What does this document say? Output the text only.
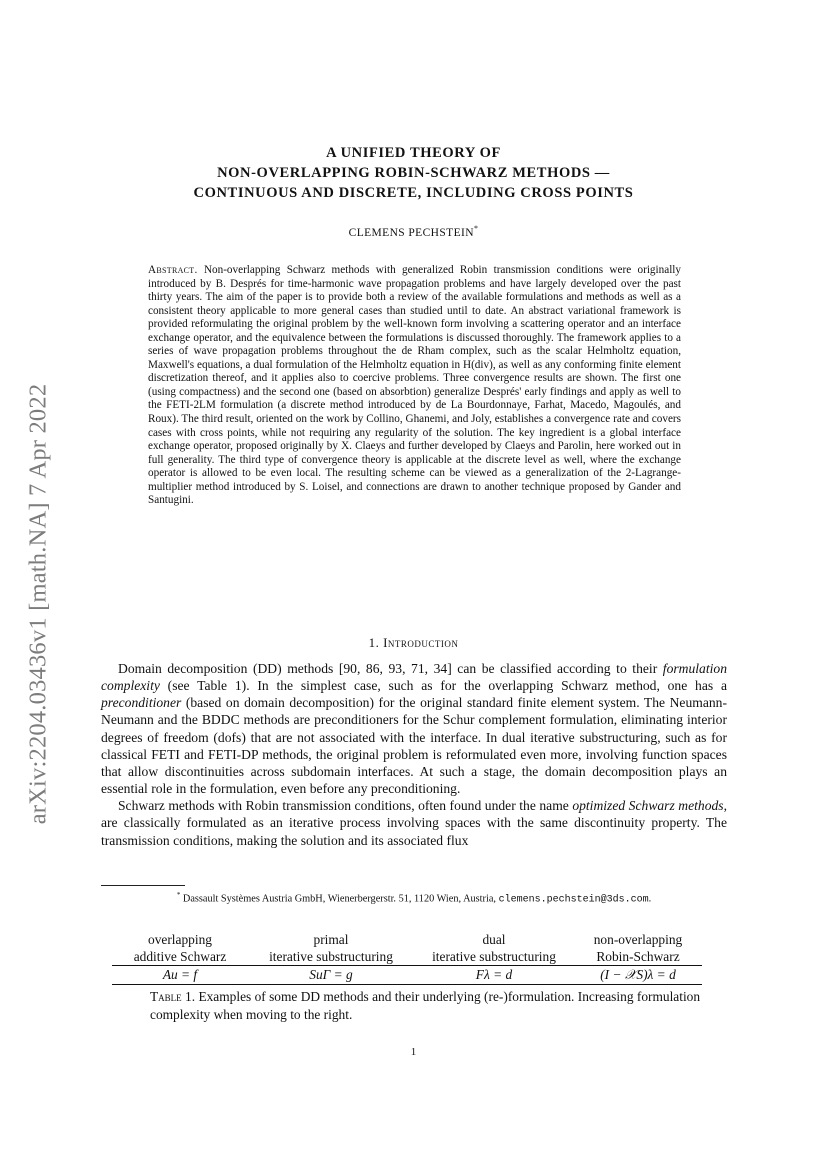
arXiv:2204.03436v1 [math.NA] 7 Apr 2022
A UNIFIED THEORY OF
NON-OVERLAPPING ROBIN-SCHWARZ METHODS —
CONTINUOUS AND DISCRETE, INCLUDING CROSS POINTS
CLEMENS PECHSTEIN*
Abstract. Non-overlapping Schwarz methods with generalized Robin transmission conditions were originally introduced by B. Després for time-harmonic wave propagation problems and have largely developed over the past thirty years. The aim of the paper is to provide both a review of the available formulations and methods as well as a consistent theory applicable to more general cases than studied until to date. An abstract variational framework is provided reformulating the original problem by the well-known form involving a scattering operator and an interface exchange operator, and the equivalence between the formulations is discussed thoroughly. The framework applies to a series of wave propagation problems throughout the de Rham complex, such as the scalar Helmholtz equation, Maxwell's equations, a dual formulation of the Helmholtz equation in H(div), as well as any conforming finite element discretization thereof, and it applies also to coercive problems. Three convergence results are shown. The first one (using compactness) and the second one (based on absorbtion) generalize Després' early findings and apply as well to the FETI-2LM formulation (a discrete method introduced by de La Bourdonnaye, Farhat, Macedo, Magoulés, and Roux). The third result, oriented on the work by Collino, Ghanemi, and Joly, establishes a convergence rate and covers cases with cross points, while not requiring any regularity of the solution. The key ingredient is a global interface exchange operator, proposed originally by X. Claeys and further developed by Claeys and Parolin, here worked out in full generality. The third type of convergence theory is applicable at the discrete level as well, where the exchange operator is allowed to be even local. The resulting scheme can be viewed as a generalization of the 2-Lagrange-multiplier method introduced by S. Loisel, and connections are drawn to another technique proposed by Gander and Santugini.
1. Introduction

Domain decomposition (DD) methods [90, 86, 93, 71, 34] can be classified according to their formulation complexity (see Table 1). In the simplest case, such as for the overlapping Schwarz method, one has a preconditioner (based on domain decomposition) for the original standard finite element system. The Neumann-Neumann and the BDDC methods are preconditioners for the Schur complement formulation, eliminating interior degrees of freedom (dofs) that are not associated with the interface. In dual iterative substructuring, such as for classical FETI and FETI-DP methods, the original problem is reformulated even more, involving function spaces that allow discontinuities across subdomain interfaces. At such a stage, the domain decomposition plays an essential role in the formulation, even before any preconditioning.

Schwarz methods with Robin transmission conditions, often found under the name optimized Schwarz methods, are classically formulated as an iterative process involving spaces with the same discontinuity property. The transmission conditions, making the solution and its associated flux

* Dassault Systèmes Austria GmbH, Wienerbergerstr. 51, 1120 Wien, Austria, clemens.pechstein@3ds.com.
overlapping	primal	dual	non-overlapping
additive Schwarz	iterative substructuring	iterative substructuring	Robin-Schwarz
Au = f	SuΓ = g	Fλ = d	(I − 𝒳S)λ = d
Table 1. Examples of some DD methods and their underlying (re-)formulation. Increasing formulation complexity when moving to the right.
1
